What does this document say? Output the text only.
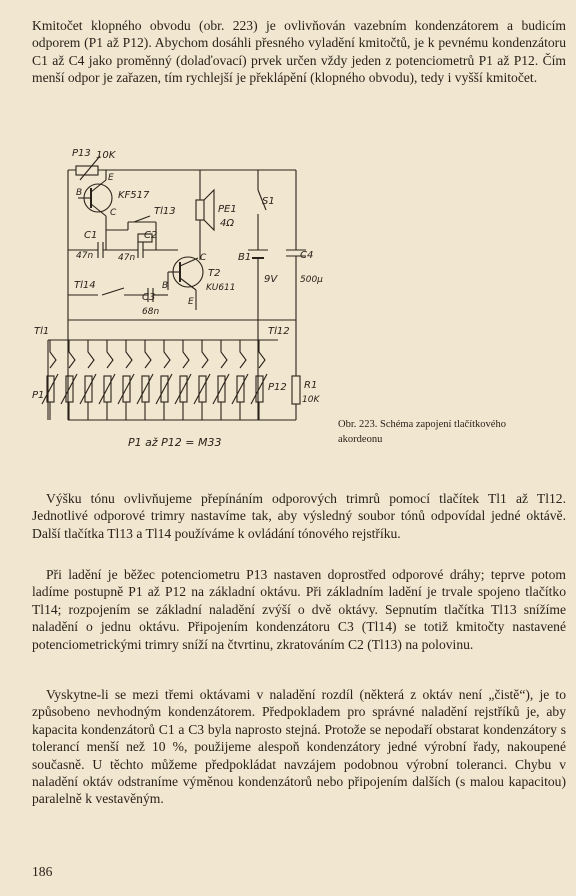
Kmitočet klopného obvodu (obr. 223) je ovlivňován vazebním kondenzátorem a budicím odporem (P1 až P12). Abychom dosáhli přesného vyladění kmitočtů, je k pevnému kondenzátoru C1 až C4 jako proměnný (dolaďovací) prvek určen vždy jeden z potenciometrů P1 až P12. Čím menší odpor je zařazen, tím rychlejší je překlápění (klopného obvodu), tedy i vyšší kmitočet.

P13 10K
KF517
B
C
E
Tl13	PE1
4Ω
S1
C1
47n
C2
47n	B1
9V
C4
500µ
T2
KU611
B
C
E
Tl14
C3
68n
Tl1	Tl12
P1
P12 R1
10K
P1 až P12 = M33

Obr. 223. Schéma zapojení tlačítkového akordeonu

Výšku tónu ovlivňujeme přepínáním odporových trimrů pomocí tlačítek Tl1 až Tl12. Jednotlivé odporové trimry nastavíme tak, aby výsledný soubor tónů odpovídal jedné oktávě. Další tlačítka Tl13 a Tl14 používáme k ovládání tónového rejstříku.

Při ladění je běžec potenciometru P13 nastaven doprostřed odporové dráhy; teprve potom ladíme postupně P1 až P12 na základní oktávu. Při základním ladění je trvale spojeno tlačítko Tl14; rozpojením se základní naladění zvýší o dvě oktávy. Sepnutím tlačítka Tl13 snížíme naladění o jednu oktávu. Připojením kondenzátoru C3 (Tl14) se totiž kmitočty nastavené potenciometrickými trimry sníží na čtvrtinu, zkratováním C2 (Tl13) na polovinu.

Vyskytne-li se mezi třemi oktávami v naladění rozdíl (některá z oktáv není „čistě“), je to způsobeno nevhodným kondenzátorem. Předpokladem pro správné naladění rejstříků je, aby kapacita kondenzátorů C1 a C3 byla naprosto stejná. Protože se nepodaří obstarat kondenzátory s tolerancí menší než 10 %, použijeme alespoň kondenzátory jedné výrobní řady, nakoupené současně. U těchto můžeme předpokládat navzájem podobnou výrobní toleranci. Chybu v naladění oktáv odstraníme výměnou kondenzátorů nebo připojením dalších (s malou kapacitou) paralelně k vestavěným.

186
